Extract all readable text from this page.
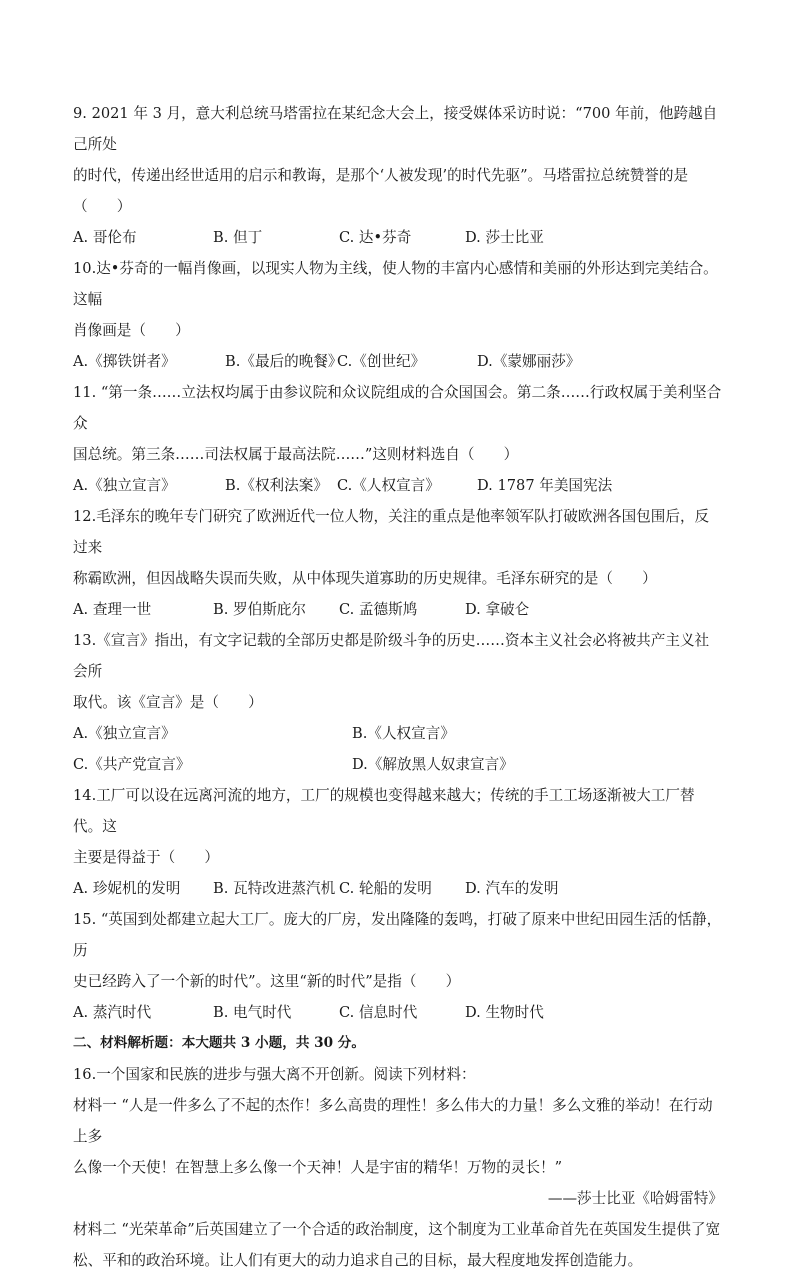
9. 2021 年 3 月，意大利总统马塔雷拉在某纪念大会上，接受媒体采访时说：“700 年前，他跨越自己所处

的时代，传递出经世适用的启示和教诲，是那个‘人被发现’的时代先驱”。马塔雷拉总统赞誉的是

（　　）

A. 哥伦布	B. 但丁	C. 达•芬奇	D. 莎士比亚

10.达•芬奇的一幅肖像画，以现实人物为主线，使人物的丰富内心感情和美丽的外形达到完美结合。这幅

肖像画是（　　）

A.《掷铁饼者》	B.《最后的晚餐》
C.《创世纪》	D.《蒙娜丽莎》

11. “第一条……立法权均属于由参议院和众议院组成的合众国国会。第二条……行政权属于美利坚合众

国总统。第三条……司法权属于最高法院……”这则材料选自（　　）

A.《独立宣言》	B.《权利法案》 C.《人权宣言》	D. 1787 年美国宪法

12.毛泽东的晚年专门研究了欧洲近代一位人物，关注的重点是他率领军队打破欧洲各国包围后，反过来

称霸欧洲，但因战略失误而失败，从中体现失道寡助的历史规律。毛泽东研究的是（　　）

A. 查理一世	B. 罗伯斯庇尔	C. 孟德斯鸠	D. 拿破仑

13.《宣言》指出，有文字记载的全部历史都是阶级斗争的历史……资本主义社会必将被共产主义社会所

取代。该《宣言》是（　　）

A.《独立宣言》	B.《人权宣言》
C.《共产党宣言》	D.《解放黑人奴隶宣言》

14.工厂可以设在远离河流的地方，工厂的规模也变得越来越大；传统的手工工场逐渐被大工厂替代。这

主要是得益于（　　）

A. 珍妮机的发明	B. 瓦特改进蒸汽机 C. 轮船的发明	D. 汽车的发明

15. “英国到处都建立起大工厂。庞大的厂房，发出隆隆的轰鸣，打破了原来中世纪田园生活的恬静，历

史已经跨入了一个新的时代”。这里“新的时代”是指（　　）

A. 蒸汽时代	B. 电气时代	C. 信息时代	D. 生物时代

二、材料解析题：本大题共 3 小题，共 30 分。

16.一个国家和民族的进步与强大离不开创新。阅读下列材料：

材料一 “人是一件多么了不起的杰作！多么高贵的理性！多么伟大的力量！多么文雅的举动！在行动上多

么像一个天使！在智慧上多么像一个天神！人是宇宙的精华！万物的灵长！”

——莎士比亚《哈姆雷特》

材料二 “光荣革命”后英国建立了一个合适的政治制度，这个制度为工业革命首先在英国发生提供了宽

松、平和的政治环境。让人们有更大的动力追求自己的目标，最大程度地发挥创造能力。
